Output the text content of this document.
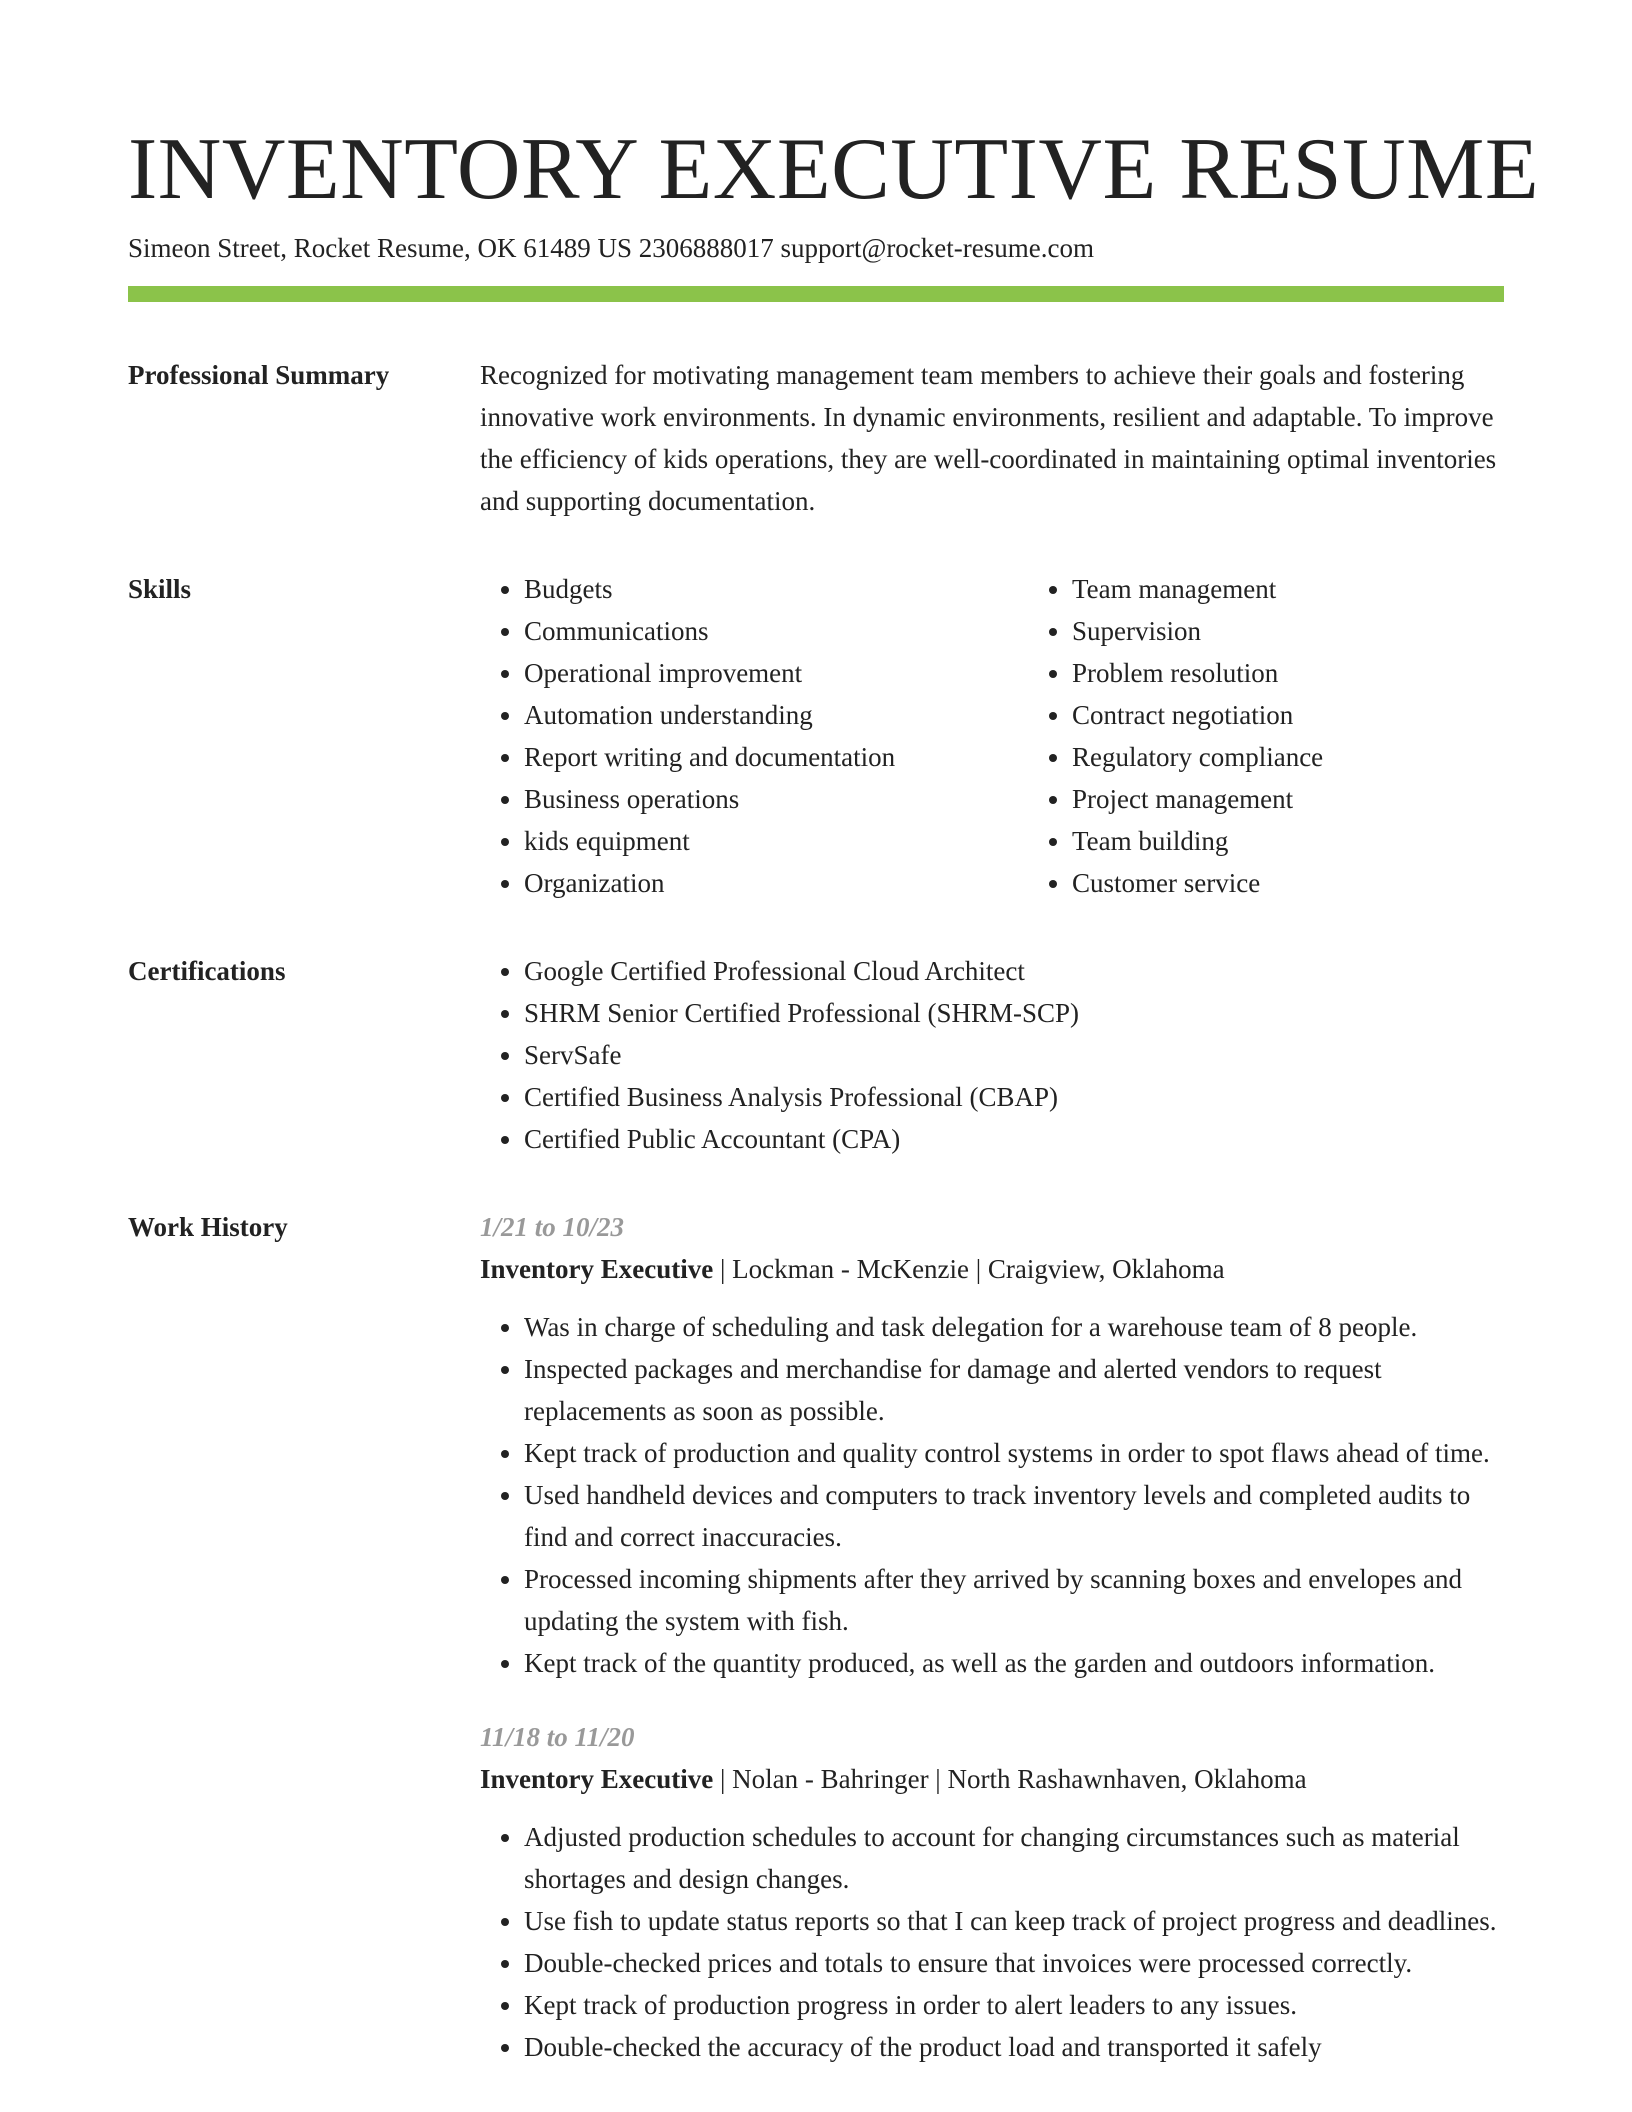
INVENTORY EXECUTIVE RESUME
Simeon Street, Rocket Resume, OK 61489 US 2306888017 support@rocket-resume.com
Professional Summary	Recognized for motivating management team members to achieve their goals and fostering innovative work environments. In dynamic environments, resilient and adaptable. To improve the efficiency of kids operations, they are well-coordinated in maintaining optimal inventories and supporting documentation.

Skills	• Budgets
• Communications
• Operational improvement
• Automation understanding
• Report writing and documentation
• Business operations
• kids equipment
• Organization
• Team management
• Supervision
• Problem resolution
• Contract negotiation
• Regulatory compliance
• Project management
• Team building
• Customer service
Certifications	• Google Certified Professional Cloud Architect
• SHRM Senior Certified Professional (SHRM-SCP)
• ServSafe
• Certified Business Analysis Professional (CBAP)
• Certified Public Accountant (CPA)
Work History	1/21 to 10/23
Inventory Executive | Lockman - McKenzie | Craigview, Oklahoma
• Was in charge of scheduling and task delegation for a warehouse team of 8 people.
• Inspected packages and merchandise for damage and alerted vendors to request replacements as soon as possible.
• Kept track of production and quality control systems in order to spot flaws ahead of time.
• Used handheld devices and computers to track inventory levels and completed audits to find and correct inaccuracies.
• Processed incoming shipments after they arrived by scanning boxes and envelopes and updating the system with fish.
• Kept track of the quantity produced, as well as the garden and outdoors information.
11/18 to 11/20
Inventory Executive | Nolan - Bahringer | North Rashawnhaven, Oklahoma
• Adjusted production schedules to account for changing circumstances such as material shortages and design changes.
• Use fish to update status reports so that I can keep track of project progress and deadlines.
• Double-checked prices and totals to ensure that invoices were processed correctly.
• Kept track of production progress in order to alert leaders to any issues.
• Double-checked the accuracy of the product load and transported it safely
